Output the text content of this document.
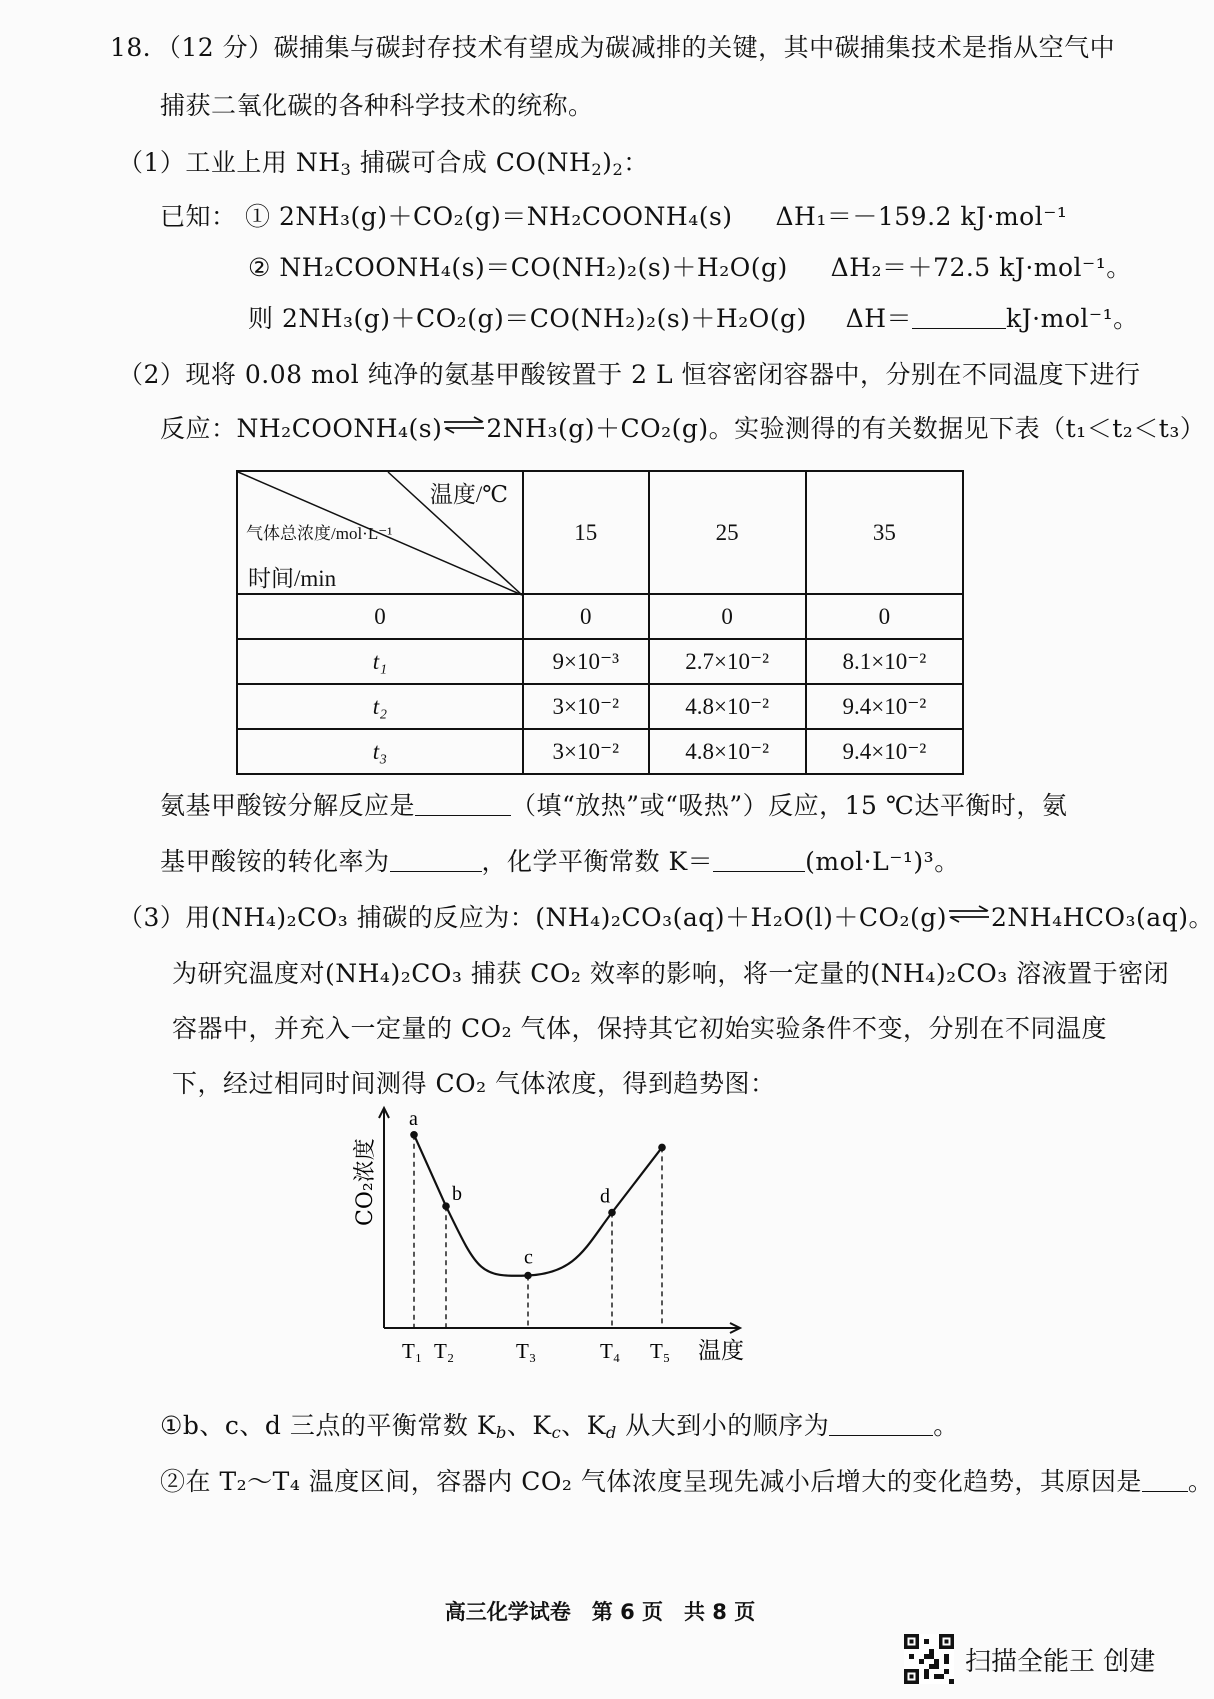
18．（12 分）碳捕集与碳封存技术有望成为碳减排的关键，其中碳捕集技术是指从空气中
捕获二氧化碳的各种科学技术的统称。
（1）工业上用 $NH_3$ 捕碳可合成 $CO(NH_2)_2$：
已知： ① 2NH₃(g)＋CO₂(g)＝NH₂COONH₄(s) ΔH₁＝－159.2 kJ·mol⁻¹
② NH₂COONH₄(s)＝CO(NH₂)₂(s)＋H₂O(g) ΔH₂＝＋72.5 kJ·mol⁻¹。
则 2NH₃(g)＋CO₂(g)＝CO(NH₂)₂(s)＋H₂O(g) ΔH＝	kJ·mol⁻¹。
（2）现将 0.08 mol 纯净的氨基甲酸铵置于 2 L 恒容密闭容器中，分别在不同温度下进行
反应：NH₂COONH₄(s)⇌2NH₃(g)＋CO₂(g)。实验测得的有关数据见下表（t₁＜t₂＜t₃）
温度/℃
气体总浓度/mol·L⁻¹
时间/min	15	25	35
0	0	0	0
t₁	9×10⁻³	2.7×10⁻²	8.1×10⁻²
t₂	3×10⁻²	4.8×10⁻²	9.4×10⁻²
t₃	3×10⁻²	4.8×10⁻²	9.4×10⁻²
氨基甲酸铵分解反应是	（填“放热”或“吸热”）反应，15 ℃达平衡时，氨
基甲酸铵的转化率为	，化学平衡常数 K＝	(mol·L⁻¹)³。
（3）用(NH₄)₂CO₃ 捕碳的反应为：(NH₄)₂CO₃(aq)＋H₂O(l)＋CO₂(g)⇌2NH₄HCO₃(aq)。
为研究温度对(NH₄)₂CO₃ 捕获 CO₂ 效率的影响，将一定量的(NH₄)₂CO₃ 溶液置于密闭
容器中，并充入一定量的 CO₂ 气体，保持其它初始实验条件不变，分别在不同温度
下，经过相同时间测得 CO₂ 气体浓度，得到趋势图：
a
b
c
d
T₁ T₂	T₃	T₄ T₅ 温度
CO₂浓度
①b、c、d 三点的平衡常数 $K_b$、$K_c$、$K_d$ 从大到小的顺序为	。
②在 T₂～T₄ 温度区间，容器内 CO₂ 气体浓度呈现先减小后增大的变化趋势，其原因是 。
高三化学试卷　第 6 页　共 8 页
扫描全能王 创建
